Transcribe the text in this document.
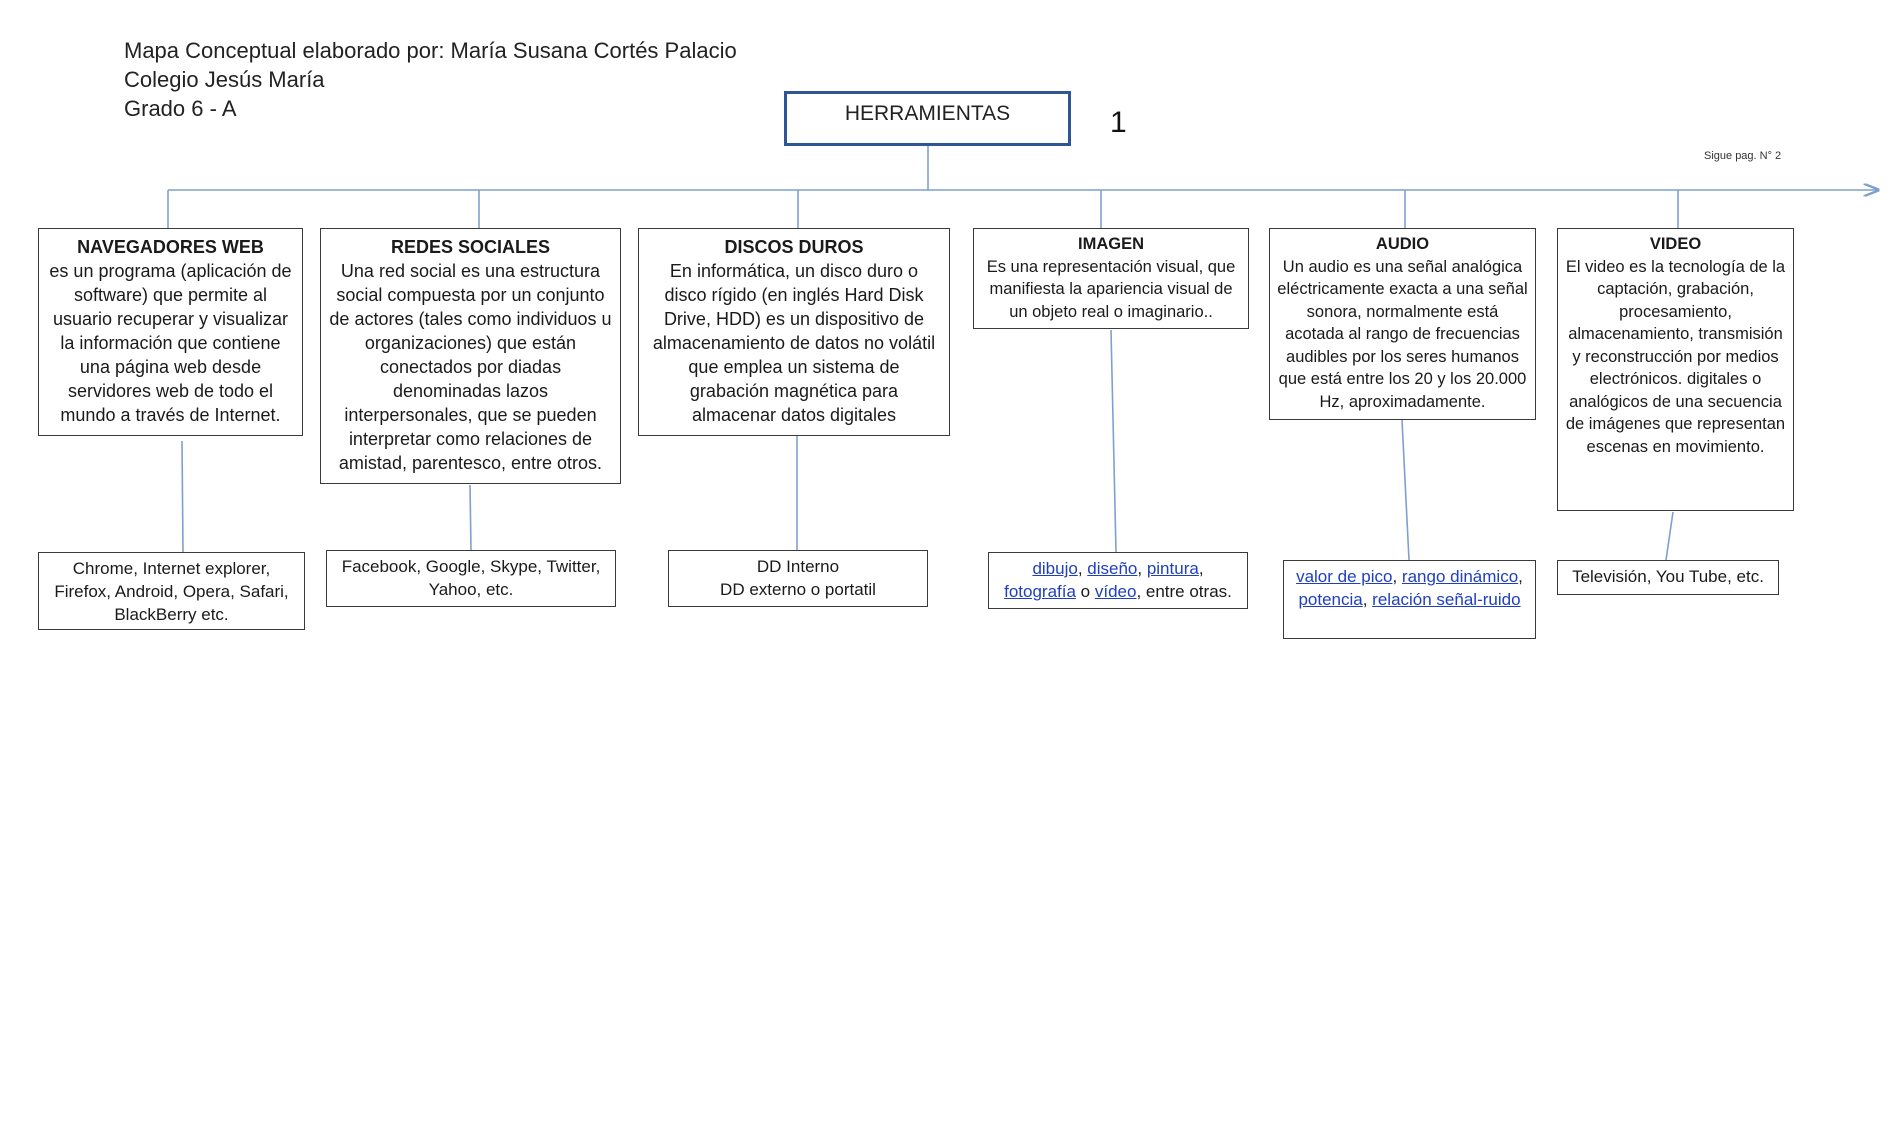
Mapa Conceptual elaborado por: María Susana Cortés Palacio
Colegio Jesús María
Grado 6 - A	HERRAMIENTAS	1
Sigue pag. N° 2
NAVEGADORES WEB
es un programa (aplicación de software) que permite al usuario recuperar y visualizar la información que contiene una página web desde servidores web de todo el mundo a través de Internet.
REDES SOCIALES
Una red social es una estructura social compuesta por un conjunto de actores (tales como individuos u organizaciones) que están conectados por diadas denominadas lazos interpersonales, que se pueden interpretar como relaciones de amistad, parentesco, entre otros.
DISCOS DUROS
En informática, un disco duro o disco rígido (en inglés Hard Disk Drive, HDD) es un dispositivo de almacenamiento de datos no volátil que emplea un sistema de grabación magnética para almacenar datos digitales
IMAGEN
Es una representación visual, que manifiesta la apariencia visual de un objeto real o imaginario..
AUDIO
Un audio es una señal analógica eléctricamente exacta a una señal sonora, normalmente está acotada al rango de frecuencias audibles por los seres humanos que está entre los 20 y los 20.000 Hz, aproximadamente.
VIDEO
El video es la tecnología de la captación, grabación, procesamiento, almacenamiento, transmisión y reconstrucción por medios electrónicos. digitales o analógicos de una secuencia de imágenes que representan escenas en movimiento.
Chrome, Internet explorer, Firefox, Android, Opera, Safari, BlackBerry etc.
Facebook, Google, Skype, Twitter, Yahoo, etc.
DD Interno
DD externo o portatil
dibujo, diseño, pintura, fotografía o vídeo, entre otras.
valor de pico, rango dinámico, potencia, relación señal-ruido
Televisión, You Tube, etc.
